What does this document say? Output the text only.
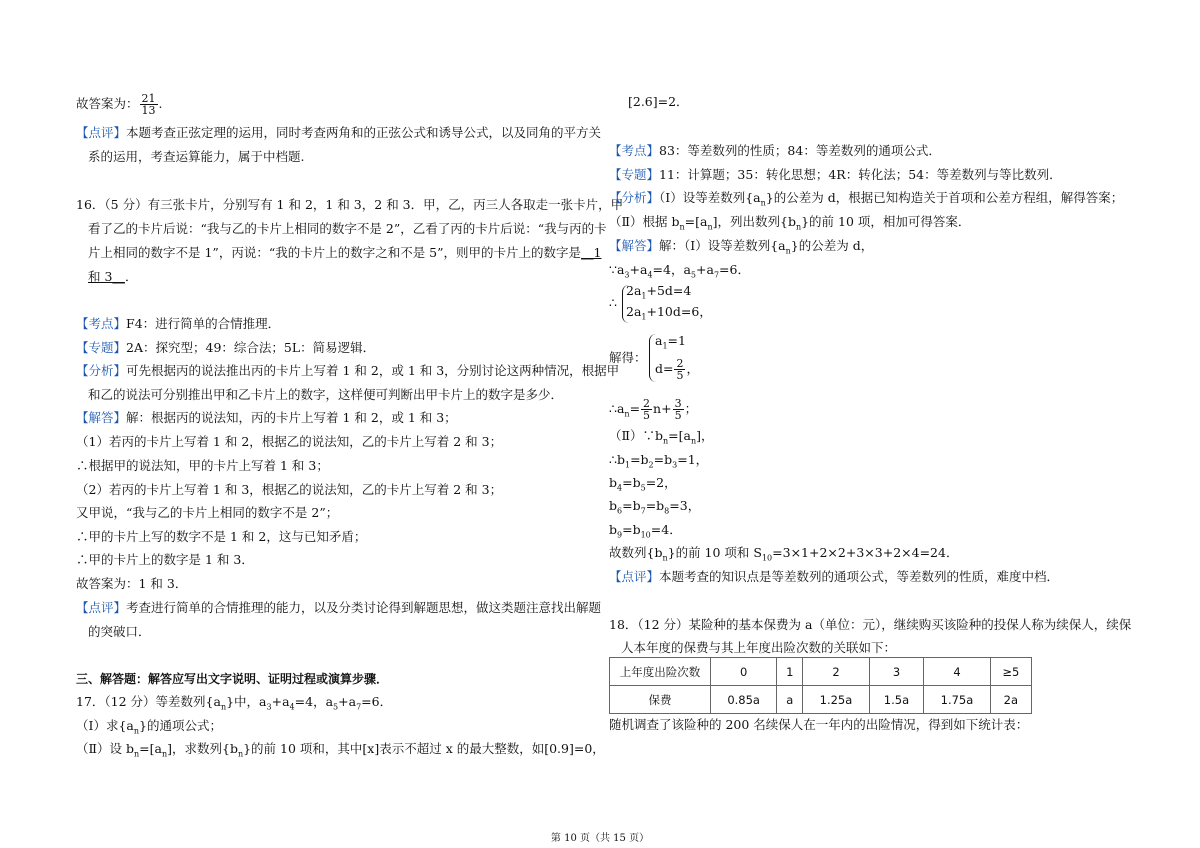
故答案为： $\frac{21}{13}$ .
【点评】本题考查正弦定理的运用，同时考查两角和的正弦公式和诱导公式，以及同角的平方关
系的运用，考查运算能力，属于中档题.
16．（5 分）有三张卡片，分别写有 1 和 2，1 和 3，2 和 3．甲，乙，丙三人各取走一张卡片，甲
看了乙的卡片后说：“我与乙的卡片上相同的数字不是 2”，乙看了丙的卡片后说：“我与丙的卡
片上相同的数字不是 1”，丙说：“我的卡片上的数字之和不是 5”，则甲的卡片上的数字是__1
和 3__．
【考点】F4：进行简单的合情推理．
【专题】2A：探究型；49：综合法；5L：简易逻辑．
【分析】可先根据丙的说法推出丙的卡片上写着 1 和 2，或 1 和 3，分别讨论这两种情况，根据甲
和乙的说法可分别推出甲和乙卡片上的数字，这样便可判断出甲卡片上的数字是多少．
【解答】解：根据丙的说法知，丙的卡片上写着 1 和 2，或 1 和 3；
（1）若丙的卡片上写着 1 和 2，根据乙的说法知，乙的卡片上写着 2 和 3；
∴根据甲的说法知，甲的卡片上写着 1 和 3；
（2）若丙的卡片上写着 1 和 3，根据乙的说法知，乙的卡片上写着 2 和 3；
又甲说，“我与乙的卡片上相同的数字不是 2”；
∴甲的卡片上写的数字不是 1 和 2，这与已知矛盾；
∴甲的卡片上的数字是 1 和 3．
故答案为：1 和 3．
【点评】考查进行简单的合情推理的能力，以及分类讨论得到解题思想，做这类题注意找出解题
的突破口．
三、解答题：解答应写出文字说明、证明过程或演算步骤．
17．（12 分）等差数列$\{a_n\}$中，$a_3+a_4=4$，$a_5+a_7=6$．
（Ⅰ）求$\{a_n\}$的通项公式；
（Ⅱ）设 $b_n=[a_n]$，求数列$\{b_n\}$的前 10 项和，其中[x]表示不超过 x 的最大整数，如[0.9]=0，
[2.6]=2．
【考点】83：等差数列的性质；84：等差数列的通项公式．
【专题】11：计算题；35：转化思想；4R：转化法；54：等差数列与等比数列．
【分析】（Ⅰ）设等差数列$\{a_n\}$的公差为 d，根据已知构造关于首项和公差方程组，解得答案；
（Ⅱ）根据 $b_n=[a_n]$，列出数列$\{b_n\}$的前 10 项，相加可得答案．
【解答】解：（Ⅰ）设等差数列$\{a_n\}$的公差为 d，
$\because a_3+a_4=4$，$a_5+a_7=6$．
∴
$2a_1+5d=4$
$2a_1+10d=6$，
解得：
$a_1=1$
$d= \frac{2}{5}$ ，
$\therefore a_n= \frac{2}{5} n+ \frac{3}{5}$ ；
$(Ⅱ)\because b_n=[a_n]$，
$\therefore b_1=b_2=b_3=1$，
$b_4=b_5=2$，
$b_6=b_7=b_8=3$，
$b_9=b_{10}=4$．
故数列$\{b_n\}$的前 10 项和 $S_{10}=3\times 1+2\times 2+3\times 3+2\times 4=24$．
【点评】本题考查的知识点是等差数列的通项公式，等差数列的性质，难度中档．
18．（12 分）某险种的基本保费为 a（单位：元），继续购买该险种的投保人称为续保人，续保
人本年度的保费与其上年度出险次数的关联如下：
上年度出险次数	0	1	2	3	4	≥5
保费	0.85a	a	1.25a	1.5a	1.75a	2a
随机调查了该险种的 200 名续保人在一年内的出险情况，得到如下统计表：
第 10 页（共 15 页）
